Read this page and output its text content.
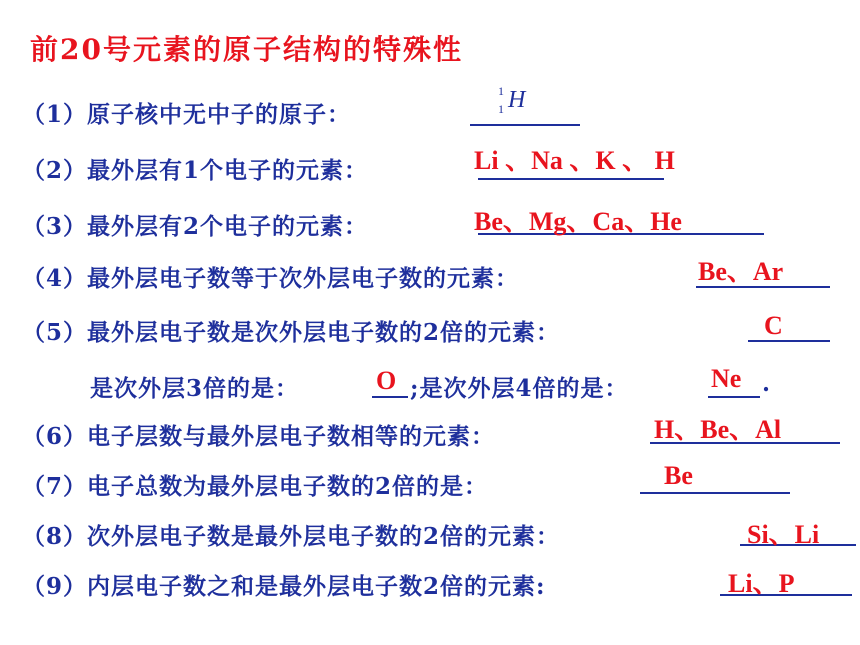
前20号元素的原子结构的特殊性
（1）原子核中无中子的原子：
1
1 H
（2）最外层有1个电子的元素：	Li 、Na 、K 、 H
（3）最外层有2个电子的元素：	Be、Mg、Ca、He
（4）最外层电子数等于次外层电子数的元素：	Be、Ar
（5）最外层电子数是次外层电子数的2倍的元素：	C
是次外层3倍的是：	O ;是次外层4倍的是：	Ne .
（6）电子层数与最外层电子数相等的元素：	H、Be、Al
（7）电子总数为最外层电子数的2倍的是：	Be
（8）次外层电子数是最外层电子数的2倍的元素：	Si、Li
（9）内层电子数之和是最外层电子数2倍的元素:	Li、P
